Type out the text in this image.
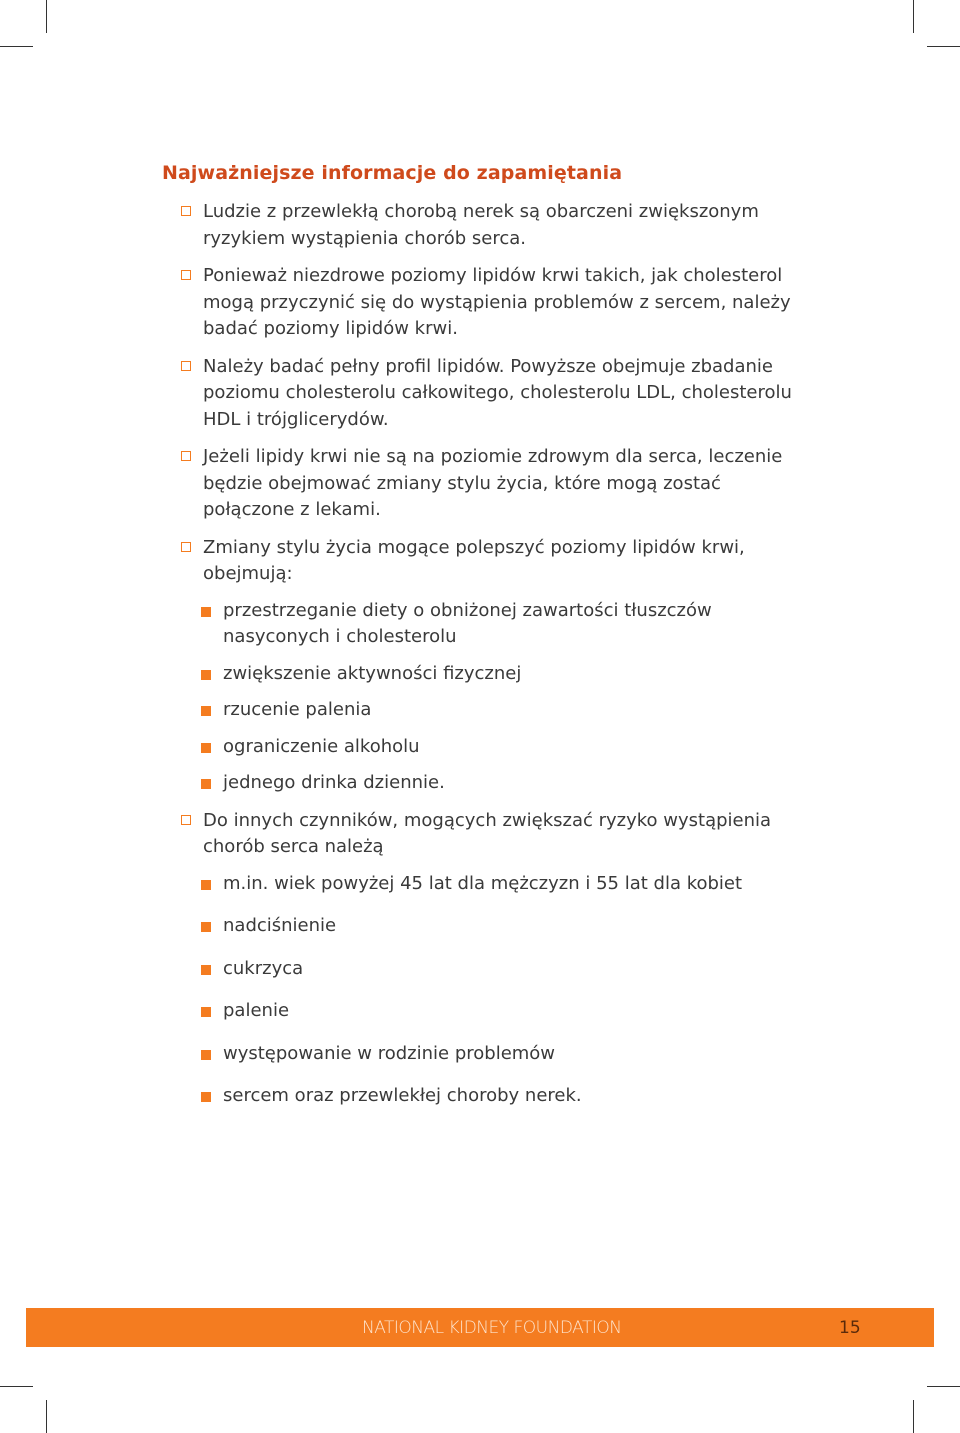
Najważniejsze informacje do zapamiętania
Ludzie z przewlekłą chorobą nerek są obarczeni zwiększonym ryzykiem wystąpienia chorób serca.
Ponieważ niezdrowe poziomy lipidów krwi takich, jak cholesterol mogą przyczynić się do wystąpienia problemów z sercem, należy badać poziomy lipidów krwi.
Należy badać pełny profil lipidów. Powyższe obejmuje zbadanie poziomu cholesterolu całkowitego, cholesterolu LDL, cholesterolu HDL i trójglicerydów.
Jeżeli lipidy krwi nie są na poziomie zdrowym dla serca, leczenie będzie obejmować zmiany stylu życia, które mogą zostać połączone z lekami.
Zmiany stylu życia mogące polepszyć poziomy lipidów krwi, obejmują:
przestrzeganie diety o obniżonej zawartości tłuszczów nasyconych i cholesterolu
zwiększenie aktywności fizycznej
rzucenie palenia
ograniczenie alkoholu
jednego drinka dziennie.
Do innych czynników, mogących zwiększać ryzyko wystąpienia chorób serca należą
m.in. wiek powyżej 45 lat dla mężczyzn i 55 lat dla kobiet
nadciśnienie
cukrzyca
palenie
występowanie w rodzinie problemów
sercem oraz przewlekłej choroby nerek.
NATIONAL KIDNEY FOUNDATION	15
